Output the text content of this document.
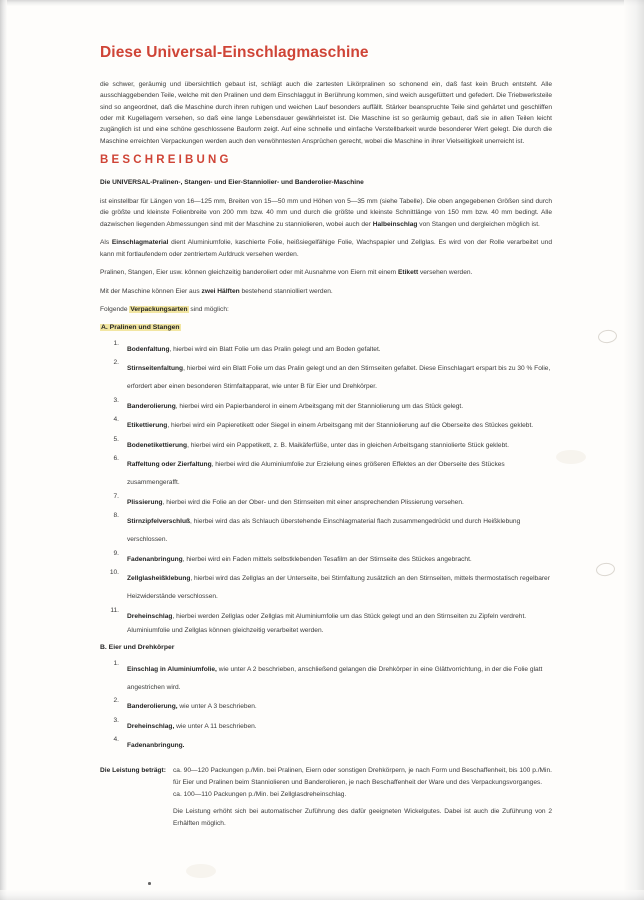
Diese Universal-Einschlagmaschine

die schwer, geräumig und übersichtlich gebaut ist, schlägt auch die zartesten Likörpralinen so schonend ein, daß fast kein Bruch entsteht. Alle ausschlaggebenden Teile, welche mit den Pralinen und dem Einschlaggut in Berührung kommen, sind weich ausgefüttert und gefedert. Die Triebwerksteile sind so angeordnet, daß die Maschine durch ihren ruhigen und weichen Lauf besonders auffällt. Stärker beanspruchte Teile sind gehärtet und geschliffen oder mit Kugellagern versehen, so daß eine lange Lebensdauer gewährleistet ist. Die Maschine ist so geräumig gebaut, daß sie in allen Teilen leicht zugänglich ist und eine schöne geschlossene Bauform zeigt. Auf eine schnelle und einfache Verstellbarkeit wurde besonderer Wert gelegt. Die durch die Maschine erreichten Verpackungen werden auch den verwöhntesten Ansprüchen gerecht, wobei die Maschine in ihrer Vielseitigkeit unerreicht ist.

BESCHREIBUNG

Die UNIVERSAL-Pralinen-, Stangen- und Eier-Stanniolier- und Banderolier-Maschine

ist einstellbar für Längen von 16—125 mm, Breiten von 15—50 mm und Höhen von 5—35 mm (siehe Tabelle). Die oben angegebenen Größen sind durch die größte und kleinste Folienbreite von 200 mm bzw. 40 mm und durch die größte und kleinste Schnittlänge von 150 mm bzw. 40 mm bedingt. Alle dazwischen liegenden Abmessungen sind mit der Maschine zu stanniolieren, wobei auch der Halbeinschlag von Stangen und dergleichen möglich ist.

Als Einschlagmaterial dient Aluminiumfolie, kaschierte Folie, heißsiegelfähige Folie, Wachspapier und Zellglas. Es wird von der Rolle verarbeitet und kann mit fortlaufendem oder zentriertem Aufdruck versehen werden.

Pralinen, Stangen, Eier usw. können gleichzeitig banderoliert oder mit Ausnahme von Eiern mit einem Etikett versehen werden.

Mit der Maschine können Eier aus zwei Hälften bestehend stanniolliert werden.

Folgende Verpackungsarten sind möglich:

A. Pralinen und Stangen
1.
Bodenfaltung, hierbei wird ein Blatt Folie um das Pralin gelegt und am Boden gefaltet.
2.
Stirnseitenfaltung, hierbei wird ein Blatt Folie um das Pralin gelegt und an den Stirnseiten gefaltet. Diese Einschlagart erspart bis zu 30 % Folie, erfordert aber einen besonderen Stirnfaltapparat, wie unter B für Eier und Drehkörper.
3.
Banderolierung, hierbei wird ein Papierbanderol in einem Arbeitsgang mit der Stanniolierung um das Stück gelegt.
4.
Etikettierung, hierbei wird ein Papieretikett oder Siegel in einem Arbeitsgang mit der Stanniolierung auf die Oberseite des Stückes geklebt.
5.
Bodenetikettierung, hierbei wird ein Pappetikett, z. B. Maikäferfüße, unter das in gleichen Arbeitsgang stanniolierte Stück geklebt.
6.
Raffeltung oder Zierfaltung, hierbei wird die Aluminiumfolie zur Erzielung eines größeren Effektes an der Oberseite des Stückes zusammengerafft.
7.
Plissierung, hierbei wird die Folie an der Ober- und den Stirnseiten mit einer ansprechenden Plissierung versehen.
8.
Stirnzipfelverschluß, hierbei wird das als Schlauch überstehende Einschlagmaterial flach zusammengedrückt und durch Heißklebung verschlossen.
9.
Fadenanbringung, hierbei wird ein Faden mittels selbstklebenden Tesafilm an der Stirnseite des Stückes angebracht.
10.
Zellglasheißklebung, hierbei wird das Zellglas an der Unterseite, bei Stirnfaltung zusätzlich an den Stirnseiten, mittels thermostatisch regelbarer Heizwiderstände verschlossen.
11.
Dreheinschlag, hierbei werden Zellglas oder Zellglas mit Aluminiumfolie um das Stück gelegt und an den Stirnseiten zu Zipfeln verdreht.
Aluminiumfolie und Zellglas können gleichzeitig verarbeitet werden.
B. Eier und Drehkörper
1.
Einschlag in Aluminiumfolie, wie unter A 2 beschrieben, anschließend gelangen die Drehkörper in eine Glättvorrichtung, in der die Folie glatt angestrichen wird.
2.
Banderolierung, wie unter A 3 beschrieben.
3.
Dreheinschlag, wie unter A 11 beschrieben.
4.
Fadenanbringung.
Die Leistung beträgt: ca. 90—120 Packungen p./Min. bei Pralinen, Eiern oder sonstigen Drehkörpern, je nach Form und Beschaffenheit, bis 100 p./Min. für Eier und Pralinen beim Stanniolieren und Banderolieren, je nach Beschaffenheit der Ware und des Verpackungsvorganges.

ca. 100—110 Packungen p./Min. bei Zellglasdreheinschlag.

Die Leistung erhöht sich bei automatischer Zuführung des dafür geeigneten Wickelgutes. Dabei ist auch die Zuführung von 2 Erhälften möglich.
